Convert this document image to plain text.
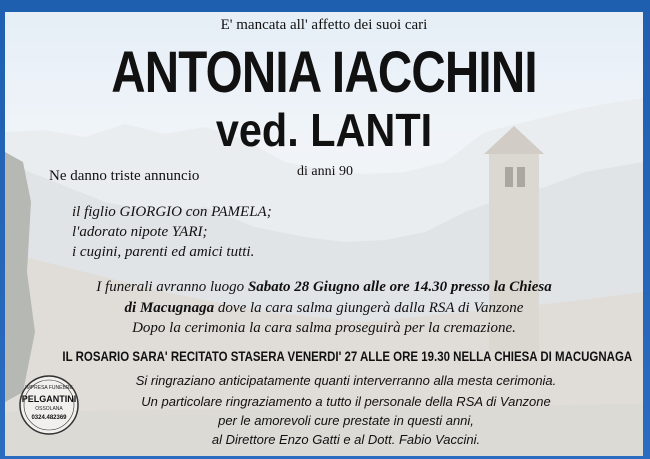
E' mancata all' affetto dei suoi cari
ANTONIA IACCHINI
ved. LANTI
Ne danno triste annuncio	di anni 90
il figlio GIORGIO con PAMELA;
l'adorato nipote YARI;
i cugini, parenti ed amici tutti.
I funerali avranno luogo Sabato 28 Giugno alle ore 14.30 presso la Chiesa
di Macugnaga dove la cara salma giungerà dalla RSA di Vanzone
Dopo la cerimonia la cara salma proseguirà per la cremazione.
IL ROSARIO SARA' RECITATO STASERA VENERDI' 27 ALLE ORE 19.30 NELLA CHIESA DI MACUGNAGA
Si ringraziano anticipatamente quanti interverranno alla mesta cerimonia.
Un particolare ringraziamento a tutto il personale della RSA di Vanzone
per le amorevoli cure prestate in questi anni,
al Direttore Enzo Gatti e al Dott. Fabio Vaccini.
IMPRESA FUNEBRE
PELGANTINI
OSSOLANA
0324.482369
